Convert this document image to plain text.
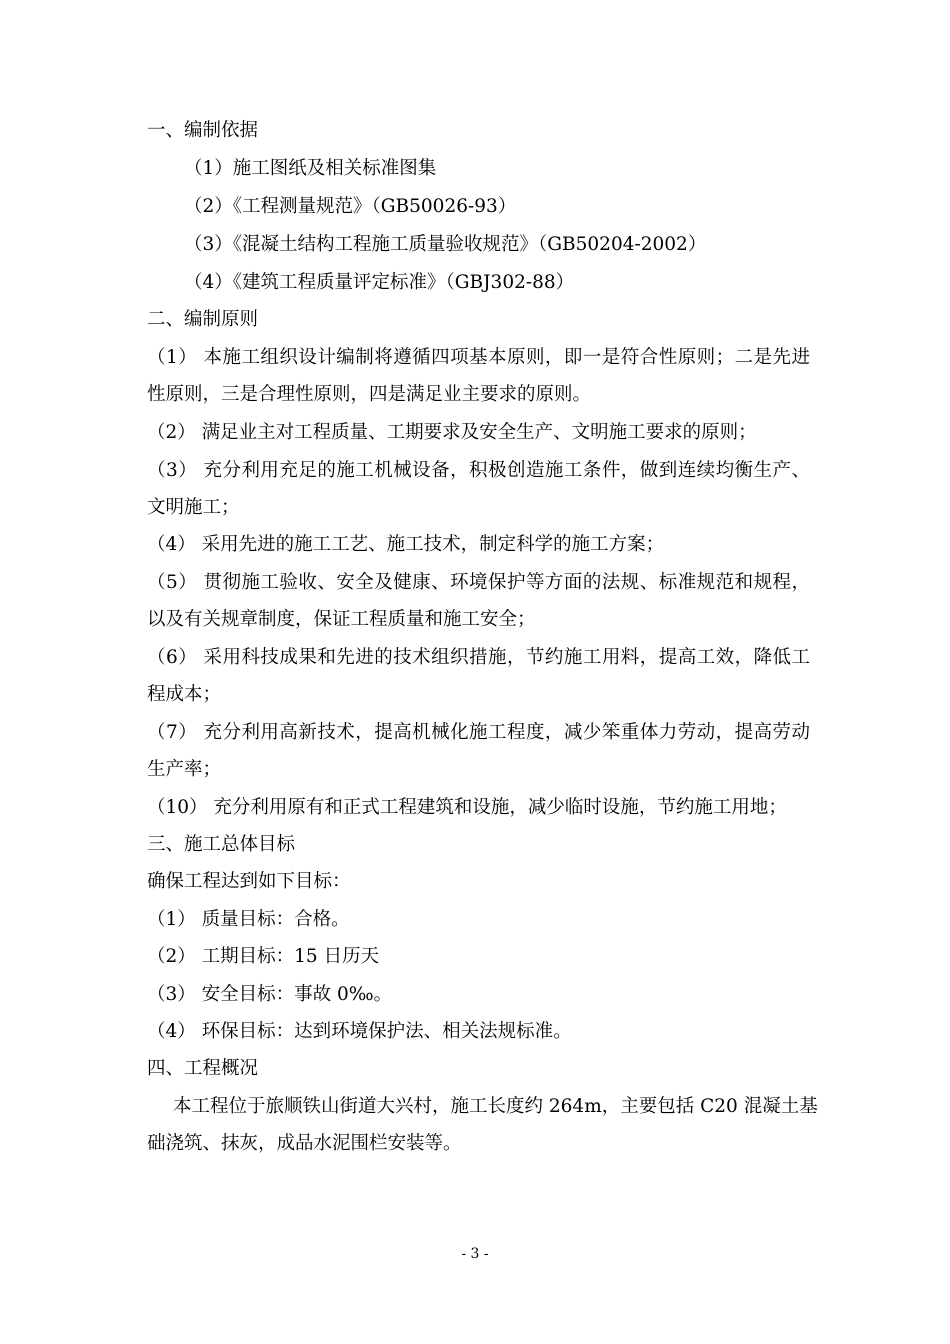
一、编制依据
（1）施工图纸及相关标准图集
（2）《工程测量规范》（GB50026-93）
（3）《混凝土结构工程施工质量验收规范》（GB50204-2002）
（4）《建筑工程质量评定标准》（GBJ302-88）
二、编制原则
（1） 本施工组织设计编制将遵循四项基本原则，即一是符合性原则；二是先进
性原则，三是合理性原则，四是满足业主要求的原则。
（2） 满足业主对工程质量、工期要求及安全生产、文明施工要求的原则；
（3） 充分利用充足的施工机械设备，积极创造施工条件，做到连续均衡生产、
文明施工；
（4） 采用先进的施工工艺、施工技术，制定科学的施工方案；
（5） 贯彻施工验收、安全及健康、环境保护等方面的法规、标准规范和规程，
以及有关规章制度，保证工程质量和施工安全；
（6） 采用科技成果和先进的技术组织措施，节约施工用料，提高工效，降低工
程成本；
（7） 充分利用高新技术，提高机械化施工程度，减少笨重体力劳动，提高劳动
生产率；
（10） 充分利用原有和正式工程建筑和设施，减少临时设施，节约施工用地；
三、施工总体目标
确保工程达到如下目标：
（1） 质量目标：合格。
（2） 工期目标：15 日历天
（3） 安全目标：事故 0‰。
（4） 环保目标：达到环境保护法、相关法规标准。
四、工程概况
本工程位于旅顺铁山街道大兴村，施工长度约 264m，主要包括 C20 混凝土基
础浇筑、抹灰，成品水泥围栏安装等。
- 3 -
